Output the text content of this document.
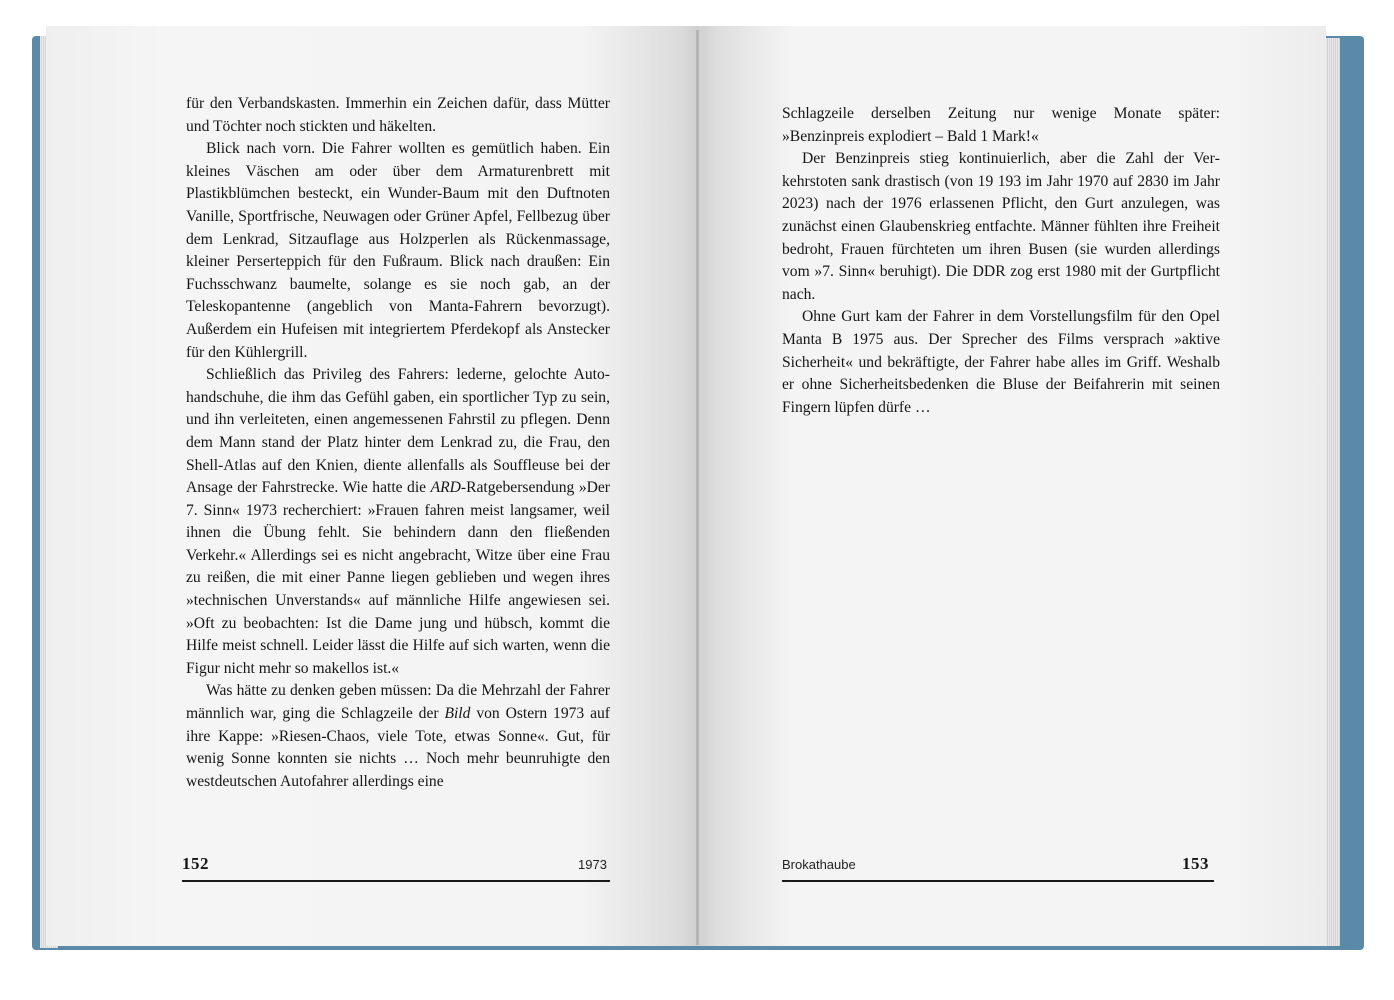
für den Verbandskasten. Immerhin ein Zeichen dafür, dass Mütter und Töchter noch stickten und häkelten.

Blick nach vorn. Die Fahrer wollten es gemütlich haben. Ein kleines Väschen am oder über dem Armaturenbrett mit Plastikblümchen besteckt, ein Wunder-Baum mit den Duftnoten Vanille, Sportfrische, Neuwagen oder Grüner Apfel, Fellbezug über dem Lenkrad, Sitzauflage aus Holzperlen als Rückenmassage, kleiner Perserteppich für den Fußraum. Blick nach draußen: Ein Fuchsschwanz baumelte, solange es sie noch gab, an der Teleskopantenne (angeblich von Manta-Fahrern bevorzugt). Außerdem ein Hufeisen mit integriertem Pferdekopf als Anstecker für den Kühlergrill.

Schließlich das Privileg des Fahrers: lederne, gelochte Autohandschuhe, die ihm das Gefühl gaben, ein sportlicher Typ zu sein, und ihn verleiteten, einen angemessenen Fahrstil zu pflegen. Denn dem Mann stand der Platz hinter dem Lenkrad zu, die Frau, den Shell-Atlas auf den Knien, diente allenfalls als Souffleuse bei der Ansage der Fahrstrecke. Wie hatte die ARD-Ratgebersendung »Der 7. Sinn« 1973 recherchiert: »Frauen fahren meist langsamer, weil ihnen die Übung fehlt. Sie behindern dann den fließenden Verkehr.« Allerdings sei es nicht angebracht, Witze über eine Frau zu reißen, die mit einer Panne liegen geblieben und wegen ihres »technischen Unverstands« auf männliche Hilfe angewiesen sei. »Oft zu beobachten: Ist die Dame jung und hübsch, kommt die Hilfe meist schnell. Leider lässt die Hilfe auf sich warten, wenn die Figur nicht mehr so makellos ist.«

Was hätte zu denken geben müssen: Da die Mehrzahl der Fahrer männlich war, ging die Schlagzeile der Bild von Ostern 1973 auf ihre Kappe: »Riesen-Chaos, viele Tote, etwas Sonne«. Gut, für wenig Sonne konnten sie nichts … Noch mehr beunruhigte den westdeutschen Autofahrer allerdings eine

Schlagzeile derselben Zeitung nur wenige Monate später: »Benzinpreis explodiert – Bald 1 Mark!«

Der Benzinpreis stieg kontinuierlich, aber die Zahl der Verkehrstoten sank drastisch (von 19 193 im Jahr 1970 auf 2830 im Jahr 2023) nach der 1976 erlassenen Pflicht, den Gurt anzulegen, was zunächst einen Glaubenskrieg entfachte. Männer fühlten ihre Freiheit bedroht, Frauen fürchteten um ihren Busen (sie wurden allerdings vom »7. Sinn« beruhigt). Die DDR zog erst 1980 mit der Gurtpflicht nach.

Ohne Gurt kam der Fahrer in dem Vorstellungsfilm für den Opel Manta B 1975 aus. Der Sprecher des Films versprach »aktive Sicherheit« und bekräftigte, der Fahrer habe alles im Griff. Weshalb er ohne Sicherheitsbedenken die Bluse der Beifahrerin mit seinen Fingern lüpfen dürfe …

152	1973	Brokathaube	153
